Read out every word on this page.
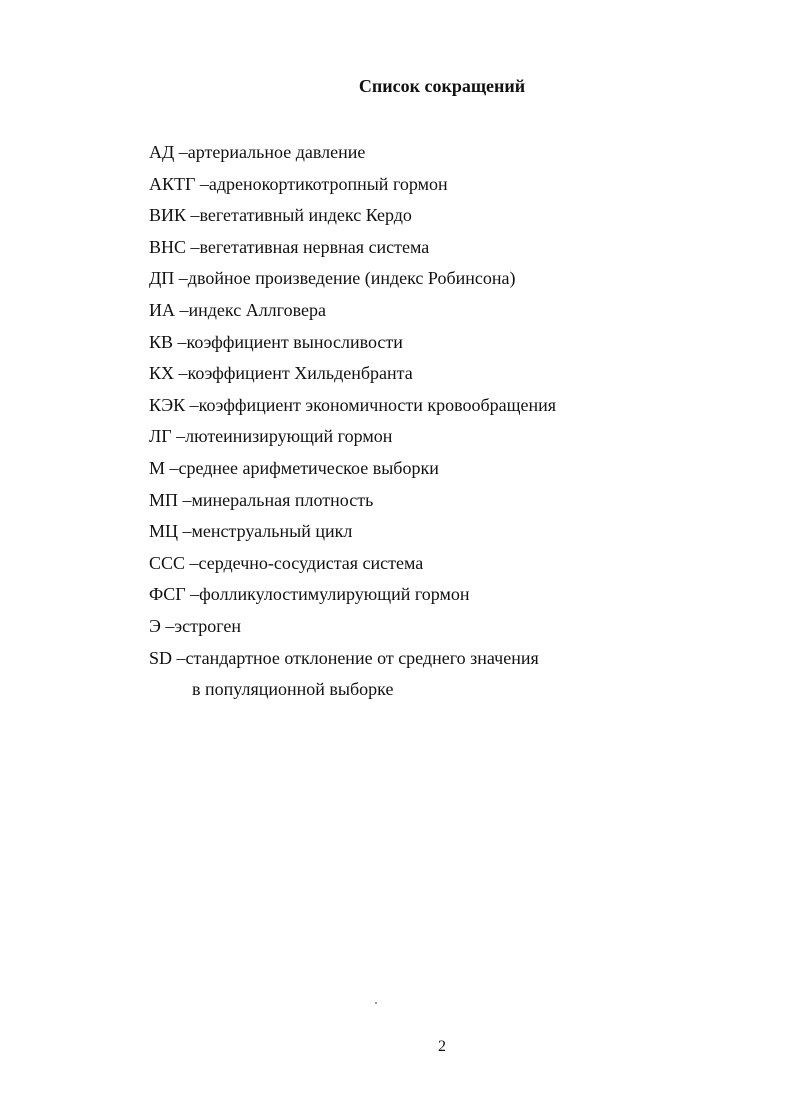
Список сокращений
АД – артериальное давление
АКТГ – адренокортикотропный гормон
ВИК – вегетативный индекс Кердо
ВНС – вегетативная нервная система
ДП – двойное произведение (индекс Робинсона)
ИА – индекс Аллговера
КВ – коэффициент выносливости
КХ – коэффициент Хильденбранта
КЭК – коэффициент экономичности кровообращения
ЛГ – лютеинизирующий гормон
М – среднее арифметическое выборки
МП – минеральная плотность
МЦ – менструальный цикл
ССС – сердечно-сосудистая система
ФСГ – фолликулостимулирующий гормон
Э – эстроген
SD – стандартное отклонение от среднего значения
в популяционной выборке
2
